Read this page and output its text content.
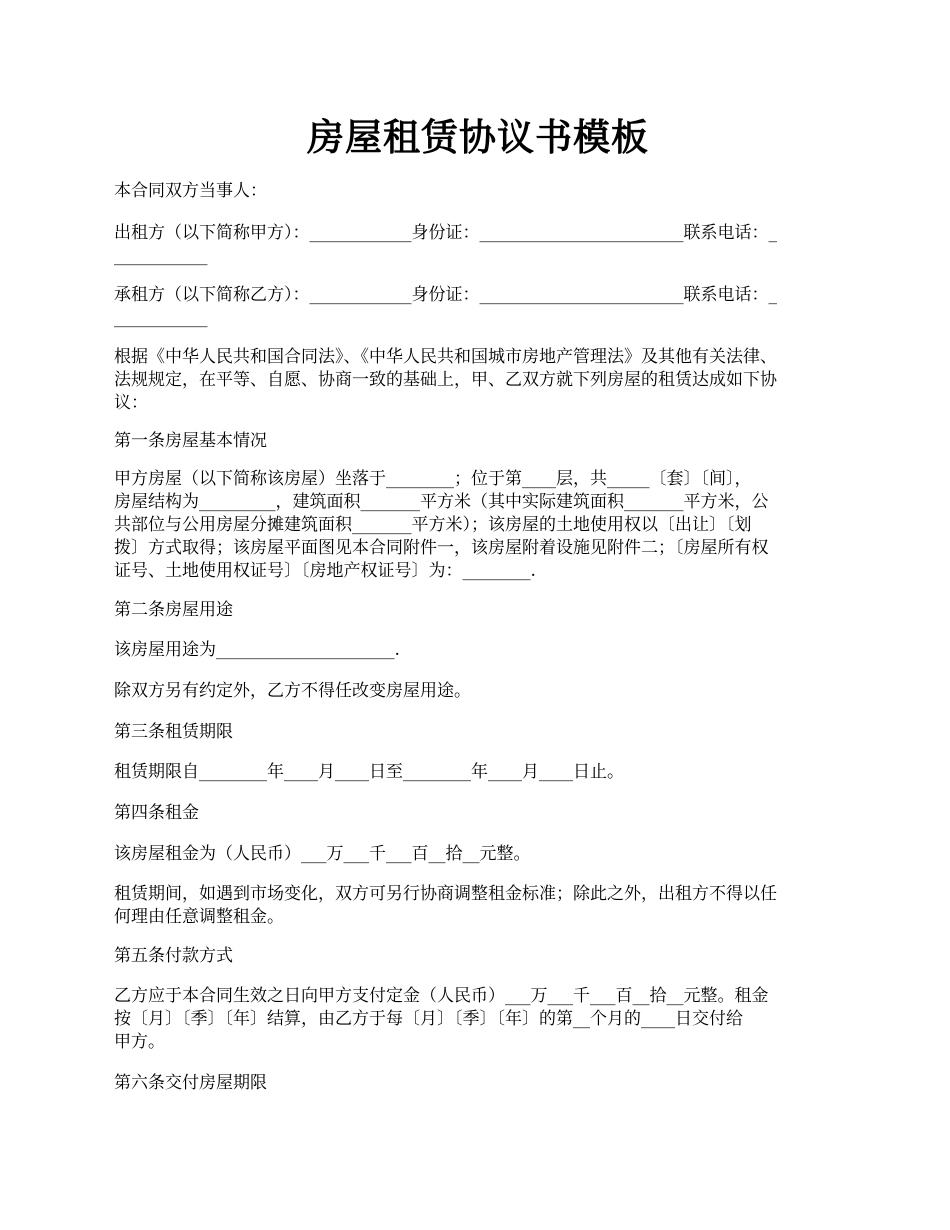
房屋租赁协议书模板
本合同双方当事人：
出租方（以下简称甲方）：____________身份证：________________________联系电话：_
___________
承租方（以下简称乙方）：____________身份证：________________________联系电话：_
___________
根据《中华人民共和国合同法》、《中华人民共和国城市房地产管理法》及其他有关法律、
法规规定，在平等、自愿、协商一致的基础上，甲、乙双方就下列房屋的租赁达成如下协
议：
第一条房屋基本情况
甲方房屋（以下简称该房屋）坐落于________；位于第____层，共_____〔套〕〔间〕，
房屋结构为_________，建筑面积_______平方米（其中实际建筑面积_______平方米，公
共部位与公用房屋分摊建筑面积_______平方米）；该房屋的土地使用权以〔出让〕〔划
拨〕方式取得；该房屋平面图见本合同附件一，该房屋附着设施见附件二；〔房屋所有权
证号、土地使用权证号〕〔房地产权证号〕为：________.
第二条房屋用途
该房屋用途为_____________________.
除双方另有约定外，乙方不得任改变房屋用途。
第三条租赁期限
租赁期限自________年____月____日至________年____月____日止。
第四条租金
该房屋租金为（人民币）___万___千___百__拾__元整。
租赁期间，如遇到市场变化，双方可另行协商调整租金标准；除此之外，出租方不得以任
何理由任意调整租金。
第五条付款方式
乙方应于本合同生效之日向甲方支付定金（人民币）___万___千___百__拾__元整。租金
按〔月〕〔季〕〔年〕结算，由乙方于每〔月〕〔季〕〔年〕的第__个月的____日交付给
甲方。
第六条交付房屋期限
